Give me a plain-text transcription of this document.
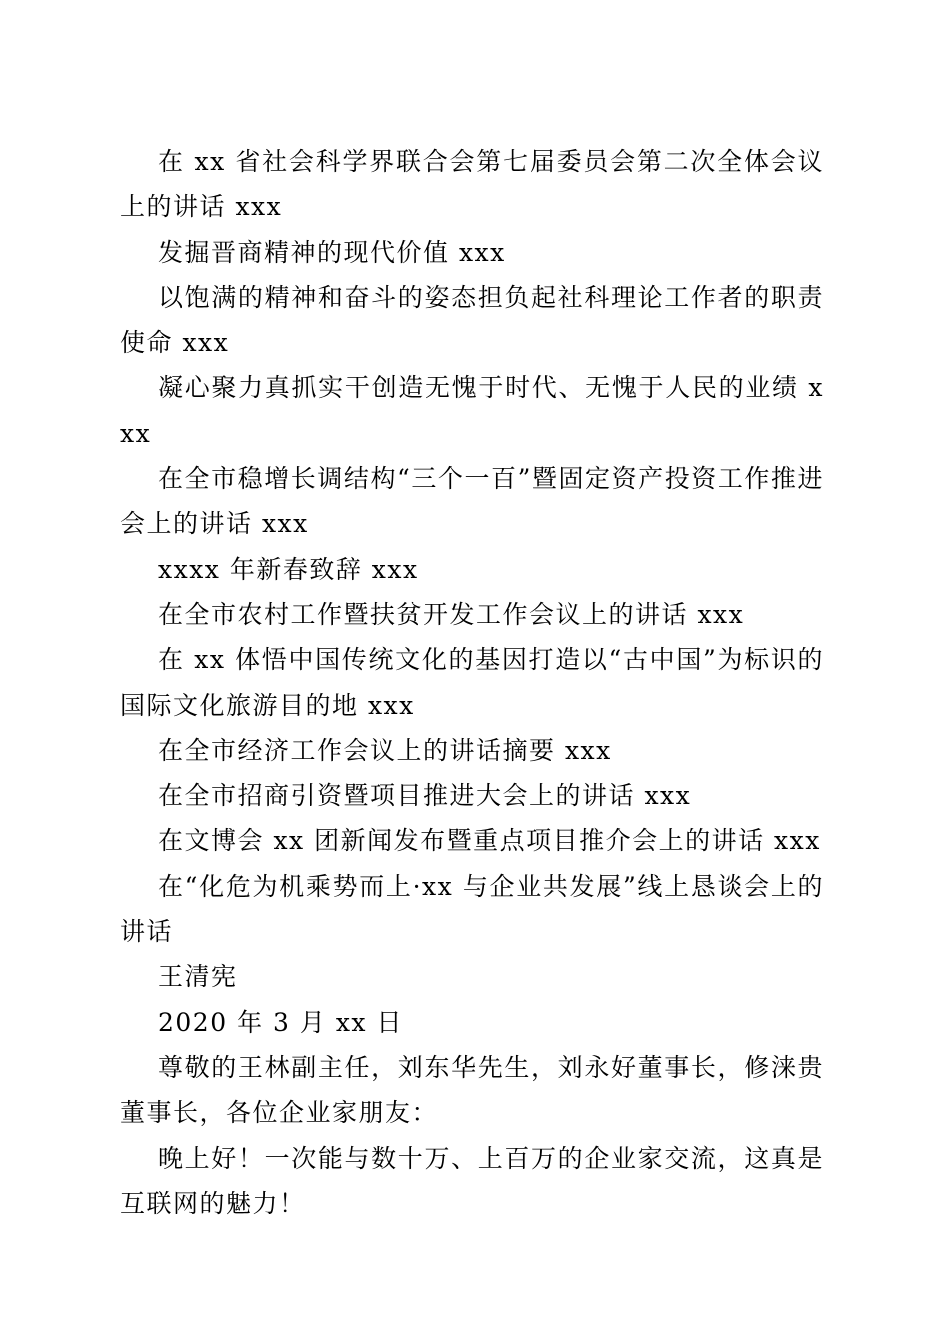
在 xx 省社会科学界联合会第七届委员会第二次全体会议上的讲话 xxx

发掘晋商精神的现代价值 xxx

以饱满的精神和奋斗的姿态担负起社科理论工作者的职责使命 xxx

凝心聚力真抓实干创造无愧于时代、无愧于人民的业绩 xxx

在全市稳增长调结构“三个一百”暨固定资产投资工作推进会上的讲话 xxx

xxxx 年新春致辞 xxx

在全市农村工作暨扶贫开发工作会议上的讲话 xxx

在 xx 体悟中国传统文化的基因打造以“古中国”为标识的国际文化旅游目的地 xxx

在全市经济工作会议上的讲话摘要 xxx

在全市招商引资暨项目推进大会上的讲话 xxx

在文博会 xx 团新闻发布暨重点项目推介会上的讲话 xxx

在“化危为机乘势而上·xx 与企业共发展”线上恳谈会上的讲话

王清宪

2020 年 3 月 xx 日

尊敬的王林副主任，刘东华先生，刘永好董事长，修涞贵董事长，各位企业家朋友：

晚上好！一次能与数十万、上百万的企业家交流，这真是互联网的魅力！
